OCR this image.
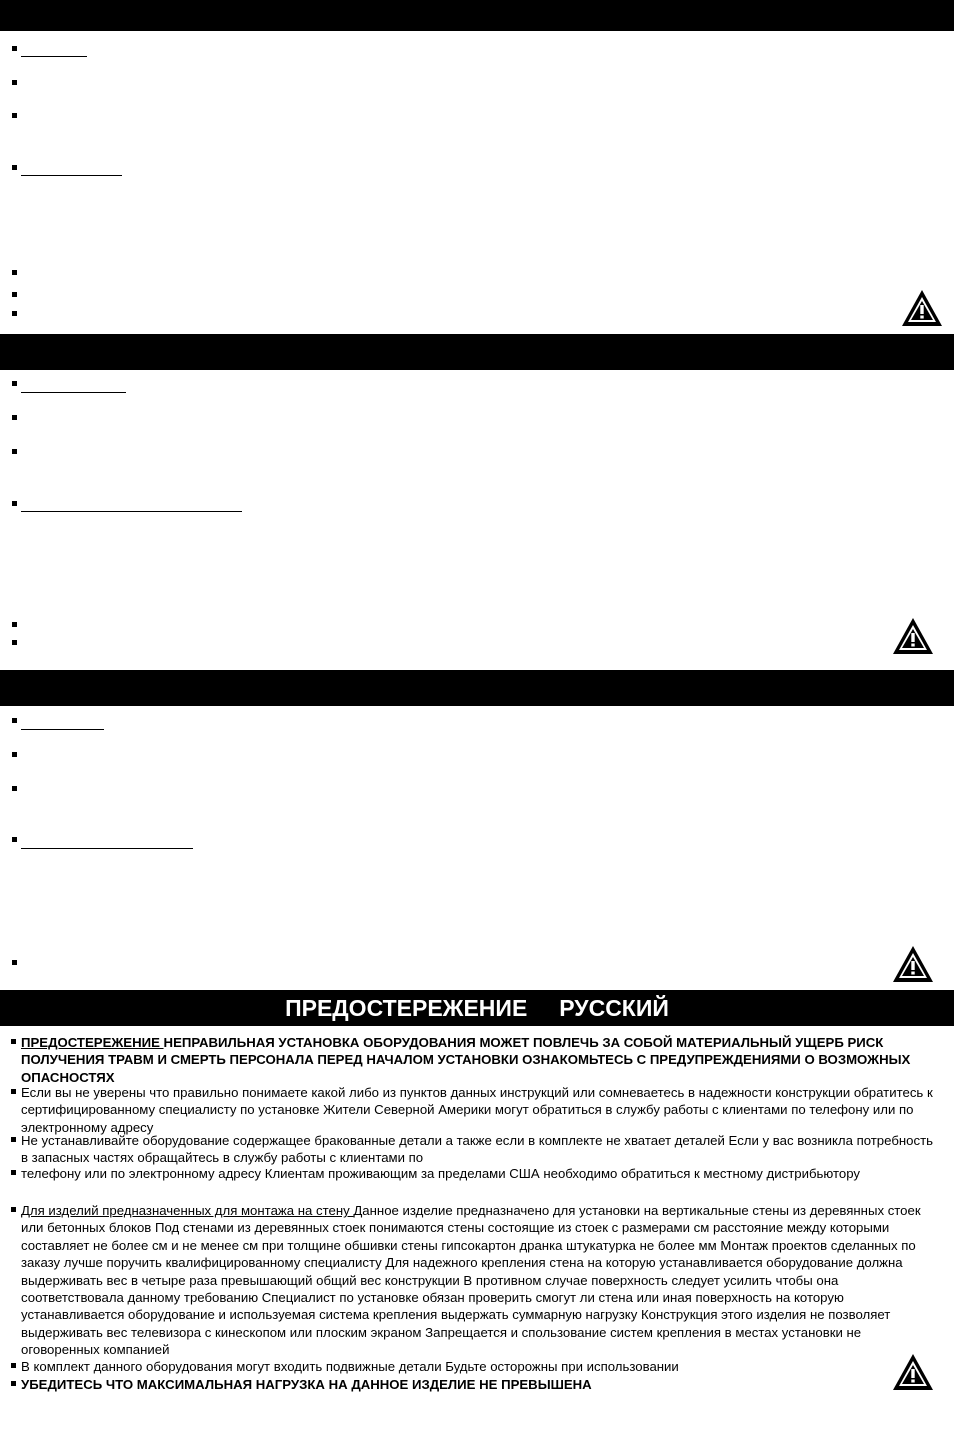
ПРЕДОСТЕРЕЖЕНИЕ     РУССКИЙ
ПРЕДОСТЕРЕЖЕНИЕ НЕПРАВИЛЬНАЯ УСТАНОВКА ОБОРУДОВАНИЯ МОЖЕТ ПОВЛЕЧЬ ЗА СОБОЙ МАТЕРИАЛЬНЫЙ УЩЕРБ РИСК ПОЛУЧЕНИЯ ТРАВМ И СМЕРТЬ ПЕРСОНАЛА ПЕРЕД НАЧАЛОМ УСТАНОВКИ ОЗНАКОМЬТЕСЬ С ПРЕДУПРЕЖДЕНИЯМИ О ВОЗМОЖНЫХ ОПАСНОСТЯХ
Если вы не уверены что правильно понимаете какой либо из пунктов данных инструкций или сомневаетесь в надежности конструкции обратитесь к сертифицированному специалисту по установке Жители Северной Америки могут обратиться в службу работы с клиентами по телефону или по электронному адресу
Не устанавливайте оборудование содержащее бракованные детали а также если в комплекте не хватает деталей Если у вас возникла потребность в запасных частях обращайтесь в службу работы с клиентами по
телефону или по электронному адресу Клиентам проживающим за пределами США необходимо обратиться к местному дистрибьютору
Для изделий предназначенных для монтажа на стену Данное изделие предназначено для установки на вертикальные стены из деревянных стоек или бетонных блоков Под стенами из деревянных стоек понимаются стены состоящие из стоек с размерами см расстояние между которыми составляет не более см и не менее см при толщине обшивки стены гипсокартон дранка штукатурка не более мм Монтаж проектов сделанных по заказу лучше поручить квалифицированному специалисту Для надежного крепления стена на которую устанавливается оборудование должна выдерживать вес в четыре раза превышающий общий вес конструкции В противном случае поверхность следует усилить чтобы она соответствовала данному требованию Специалист по установке обязан проверить смогут ли стена или иная поверхность на которую устанавливается оборудование и используемая система крепления выдержать суммарную нагрузку Конструкция этого изделия не позволяет выдерживать вес телевизора с кинескопом или плоским экраном Запрещается и спользование систем крепления в местах установки не оговоренных компанией
В комплект данного оборудования могут входить подвижные детали Будьте осторожны при использовании
УБЕДИТЕСЬ ЧТО МАКСИМАЛЬНАЯ НАГРУЗКА НА ДАННОЕ ИЗДЕЛИЕ НЕ ПРЕВЫШЕНА
